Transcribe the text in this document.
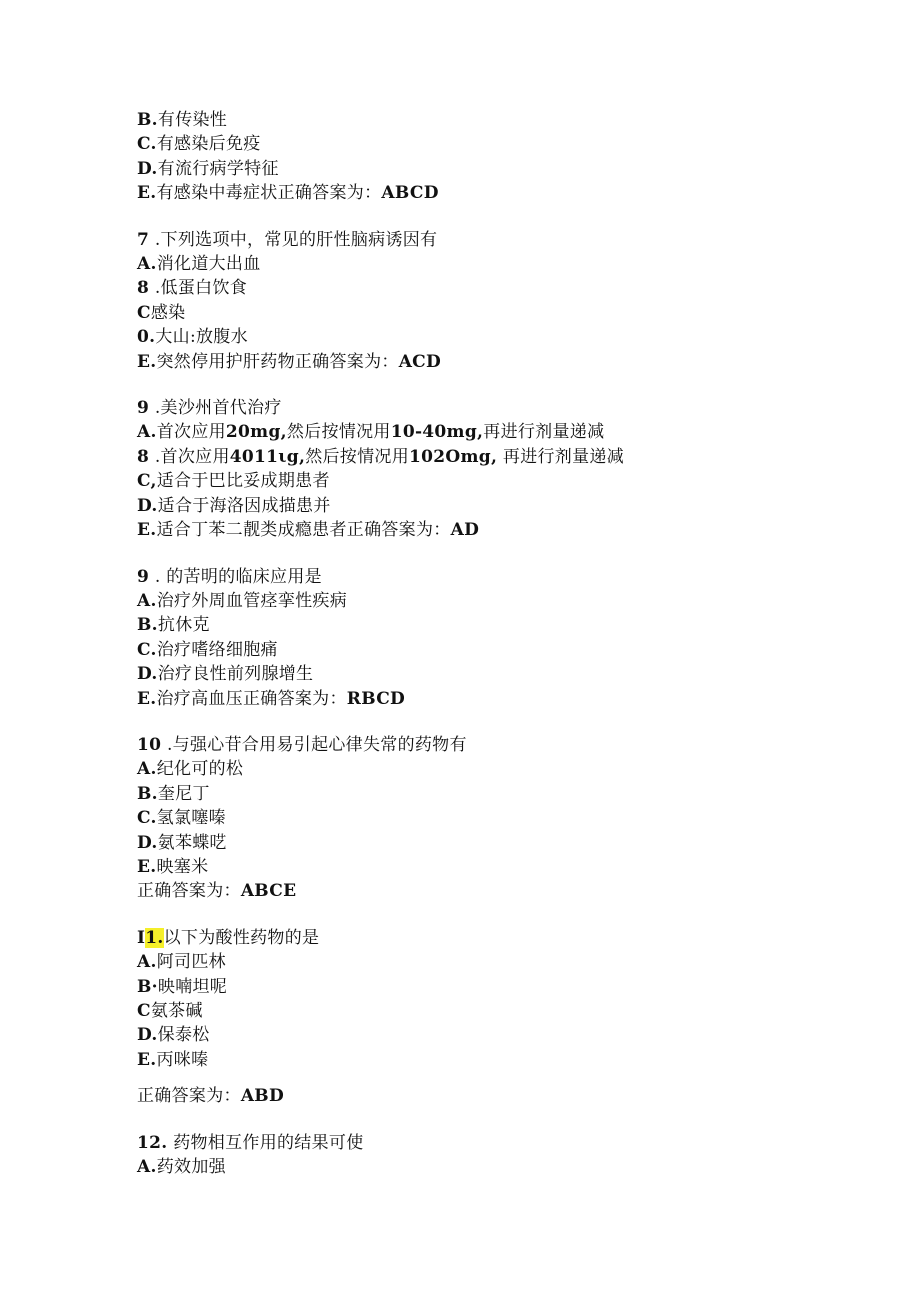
B.有传染性
C.有感染后免疫
D.有流行病学特征
E.有感染中毒症状正确答案为：ABCD
7 .下列选项中，常见的肝性脑病诱因有
A.消化道大出血
8 .低蛋白饮食
C感染
0.大山:放腹水
E.突然停用护肝药物正确答案为：ACD
9 .美沙州首代治疗
A.首次应用20mg,然后按情况用10-40mg,再进行剂量递减
8 .首次应用4011ιg,然后按情况用102Omg, 再进行剂量递减
C,适合于巴比妥成期患者
D.适合于海洛因成描患并
E.适合丁苯二靓类成瘾患者正确答案为：AD
9 . 的苦明的临床应用是
A.治疗外周血管痉挛性疾病
B.抗休克
C.治疗嗜络细胞痛
D.治疗良性前列腺增生
E.治疗高血压正确答案为：RBCD
10 .与强心苷合用易引起心律失常的药物有
A.纪化可的松
B.奎尼丁
C.氢氯噻嗪
D.氨苯蝶呓
E.映塞米
正确答案为：ABCE
I1.以下为酸性药物的是
A.阿司匹林
B·映喃坦呢
C氨茶碱
D.保泰松
E.丙咪嗪
正确答案为：ABD
12. 药物相互作用的结果可使
A.药效加强
